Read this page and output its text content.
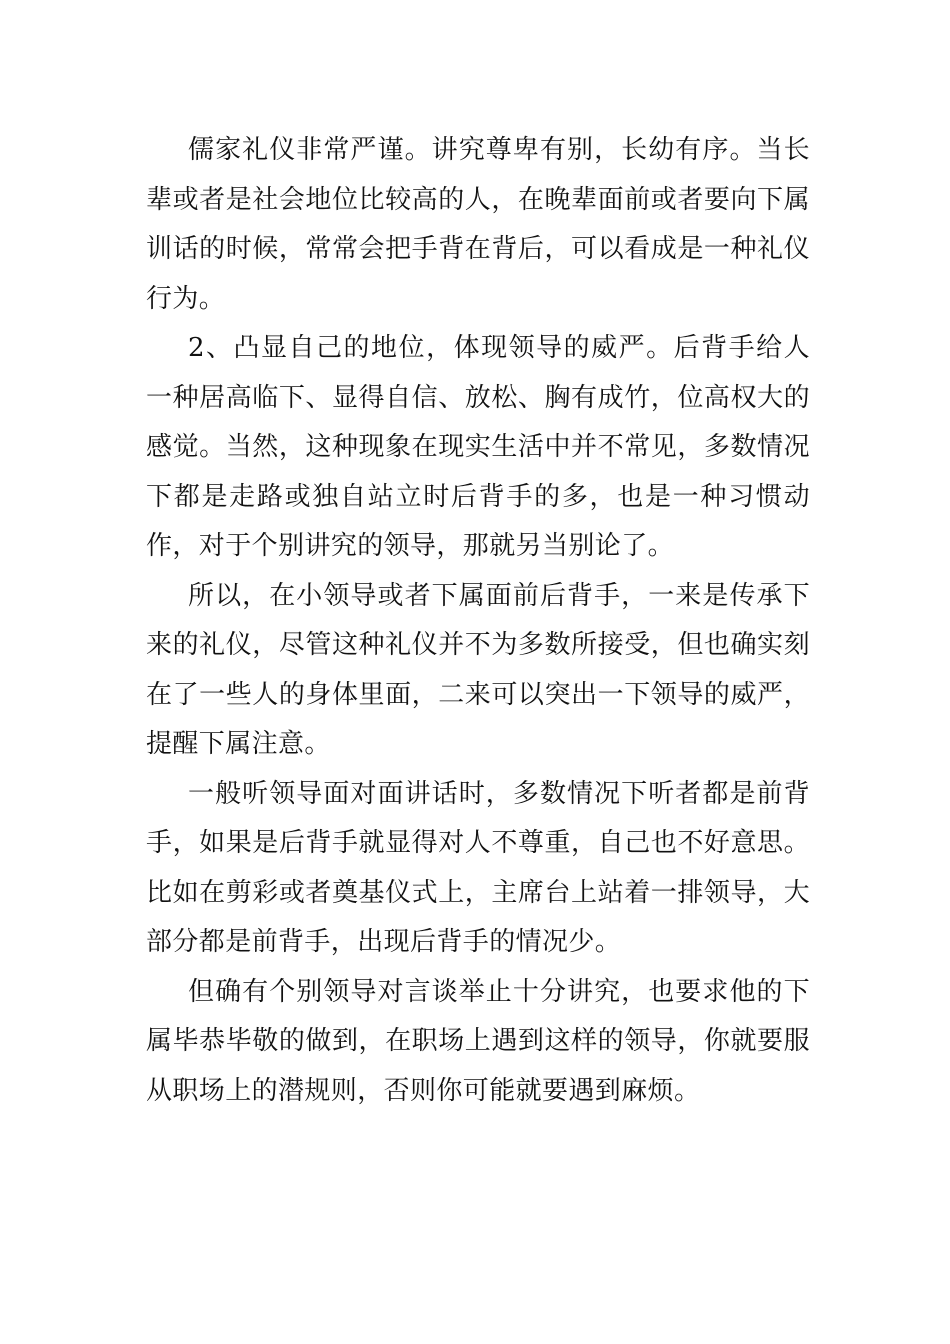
儒家礼仪非常严谨。讲究尊卑有别，长幼有序。当长辈或者是社会地位比较高的人，在晚辈面前或者要向下属训话的时候，常常会把手背在背后，可以看成是一种礼仪行为。

2、凸显自己的地位，体现领导的威严。后背手给人一种居高临下、显得自信、放松、胸有成竹，位高权大的感觉。当然，这种现象在现实生活中并不常见，多数情况下都是走路或独自站立时后背手的多，也是一种习惯动作，对于个别讲究的领导，那就另当别论了。

所以，在小领导或者下属面前后背手，一来是传承下来的礼仪，尽管这种礼仪并不为多数所接受，但也确实刻在了一些人的身体里面，二来可以突出一下领导的威严，提醒下属注意。

一般听领导面对面讲话时，多数情况下听者都是前背手，如果是后背手就显得对人不尊重，自己也不好意思。比如在剪彩或者奠基仪式上，主席台上站着一排领导，大部分都是前背手，出现后背手的情况少。

但确有个别领导对言谈举止十分讲究，也要求他的下属毕恭毕敬的做到，在职场上遇到这样的领导，你就要服从职场上的潜规则，否则你可能就要遇到麻烦。
